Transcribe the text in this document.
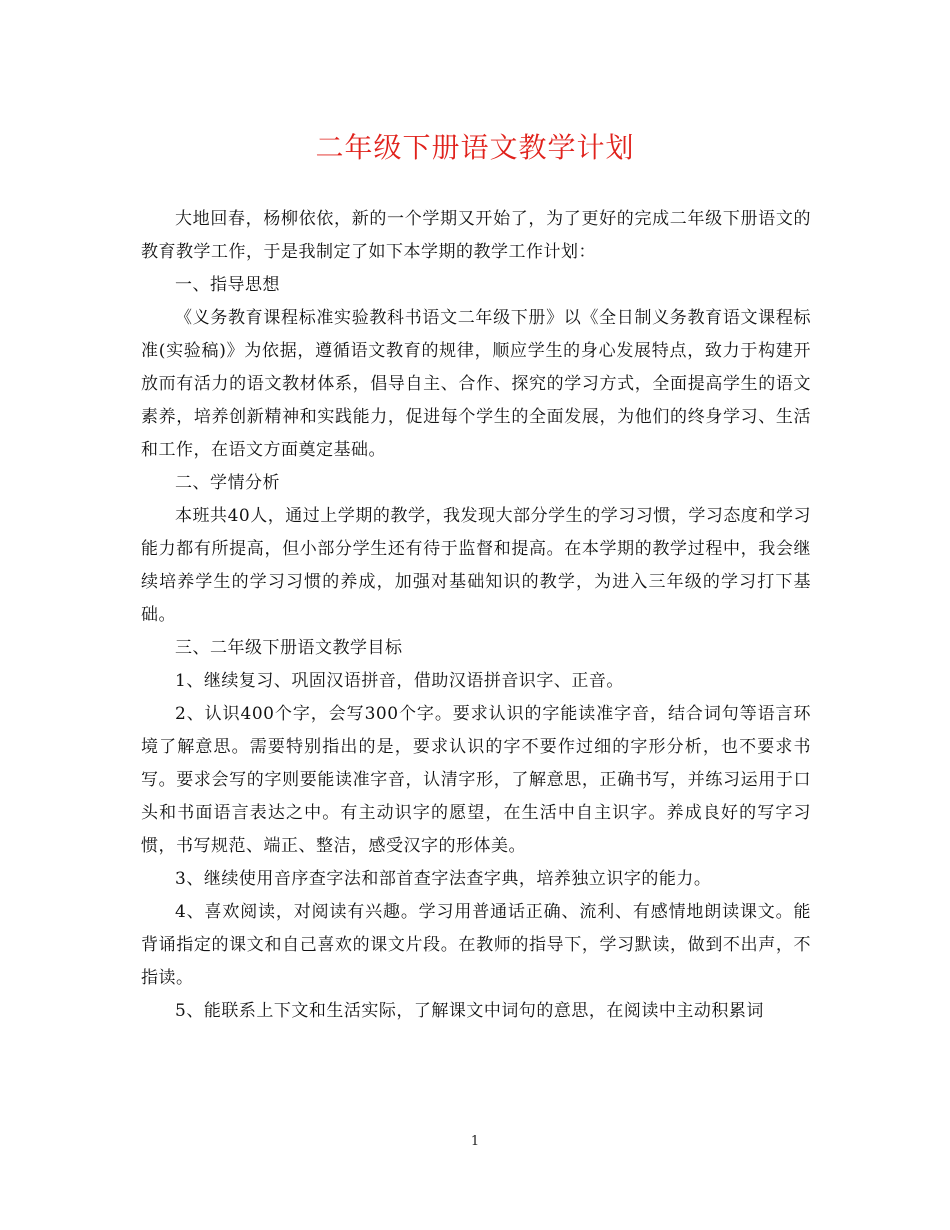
二年级下册语文教学计划

大地回春，杨柳依依，新的一个学期又开始了，为了更好的完成二年级下册语文的教育教学工作，于是我制定了如下本学期的教学工作计划：

一、指导思想

《义务教育课程标准实验教科书语文二年级下册》以《全日制义务教育语文课程标准(实验稿)》为依据，遵循语文教育的规律，顺应学生的身心发展特点，致力于构建开放而有活力的语文教材体系，倡导自主、合作、探究的学习方式，全面提高学生的语文素养，培养创新精神和实践能力，促进每个学生的全面发展，为他们的终身学习、生活和工作，在语文方面奠定基础。

二、学情分析

本班共40人，通过上学期的教学，我发现大部分学生的学习习惯，学习态度和学习能力都有所提高，但小部分学生还有待于监督和提高。在本学期的教学过程中，我会继续培养学生的学习习惯的养成，加强对基础知识的教学，为进入三年级的学习打下基础。

三、二年级下册语文教学目标

1、继续复习、巩固汉语拼音，借助汉语拼音识字、正音。

2、认识400个字，会写300个字。要求认识的字能读准字音，结合词句等语言环境了解意思。需要特别指出的是，要求认识的字不要作过细的字形分析，也不要求书写。要求会写的字则要能读准字音，认清字形，了解意思，正确书写，并练习运用于口头和书面语言表达之中。有主动识字的愿望，在生活中自主识字。养成良好的写字习惯，书写规范、端正、整洁，感受汉字的形体美。

3、继续使用音序查字法和部首查字法查字典，培养独立识字的能力。

4、喜欢阅读，对阅读有兴趣。学习用普通话正确、流利、有感情地朗读课文。能背诵指定的课文和自己喜欢的课文片段。在教师的指导下，学习默读，做到不出声，不指读。

5、能联系上下文和生活实际，了解课文中词句的意思，在阅读中主动积累词

1
